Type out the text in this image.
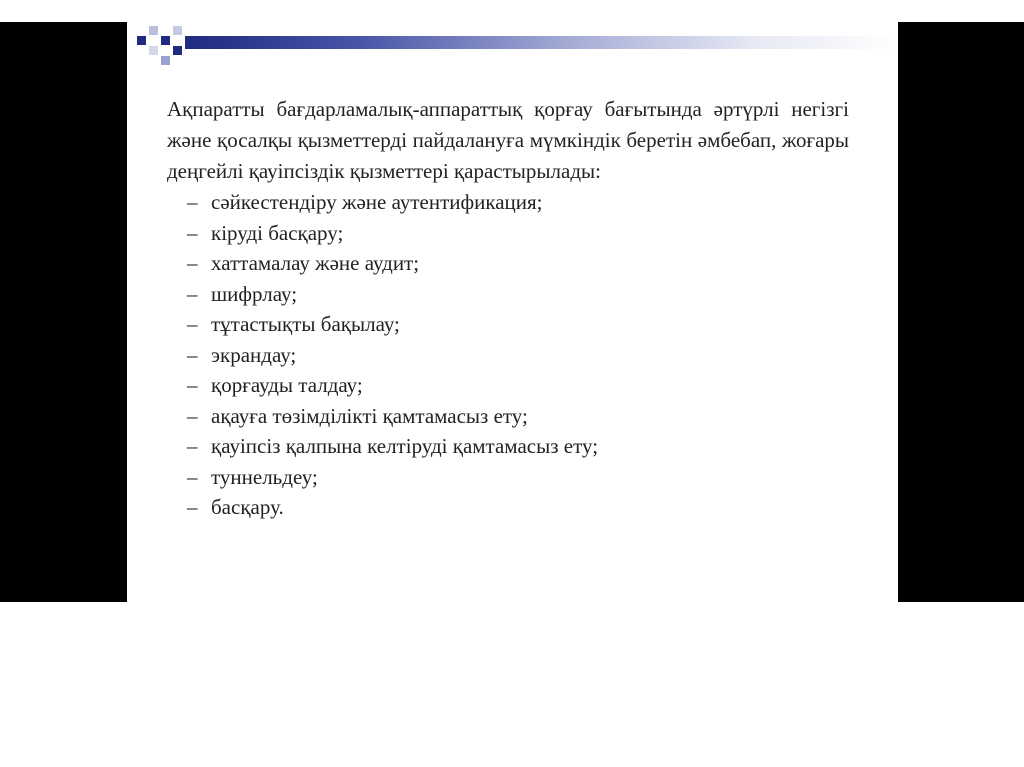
Ақпаратты бағдарламалық-аппараттық қорғау бағытында әртүрлі негізгі және қосалқы қызметтерді пайдалануға мүмкіндік беретін әмбебап, жоғары деңгейлі қауіпсіздік қызметтері қарастырылады:

– сәйкестендіру және аутентификация;
– кіруді басқару;
– хаттамалау және аудит;
– шифрлау;
– тұтастықты бақылау;
– экрандау;
– қорғауды талдау;
– ақауға төзімділікті қамтамасыз ету;
– қауіпсіз қалпына келтіруді қамтамасыз ету;
– туннельдеу;
– басқару.
